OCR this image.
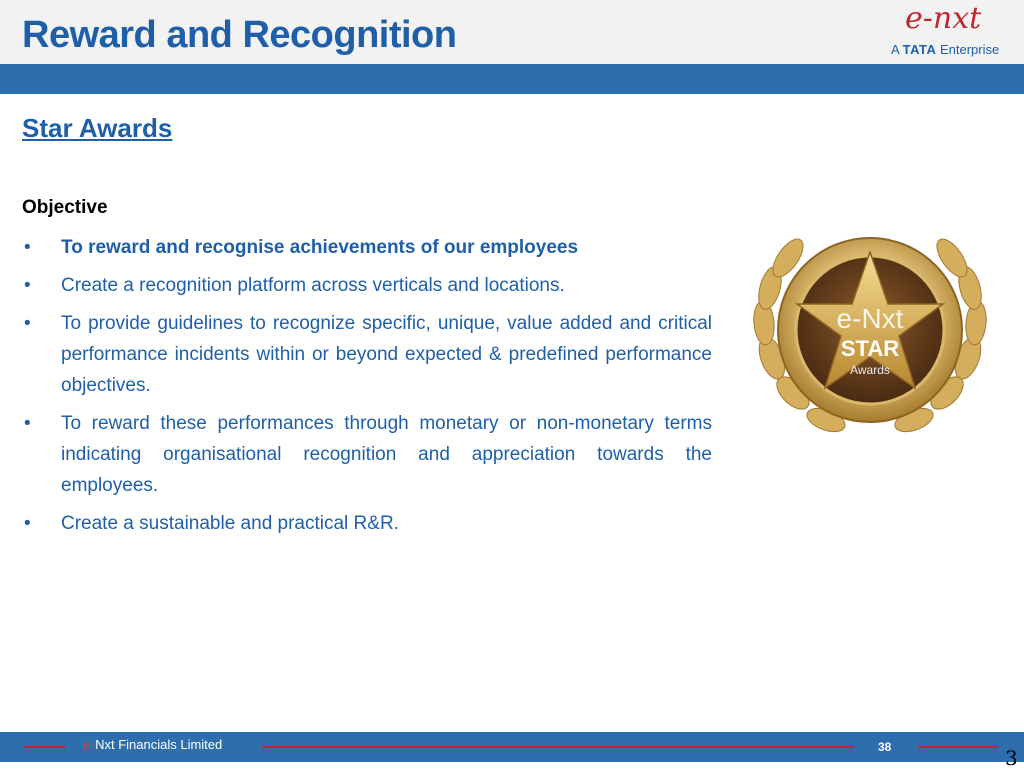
Reward and Recognition	e-nxt
A TATA Enterprise
Star Awards
Objective
• To reward and recognise achievements of our employees
• Create a recognition platform across verticals and locations.
• To provide guidelines to recognize specific, unique, value added and critical performance incidents within or beyond expected & predefined performance objectives.
• To reward these performances through monetary or non-monetary terms indicating organisational recognition and appreciation towards the employees.
• Create a sustainable and practical R&R.
e-Nxt
STAR
Awards
e-Nxt Financials Limited	38	3
